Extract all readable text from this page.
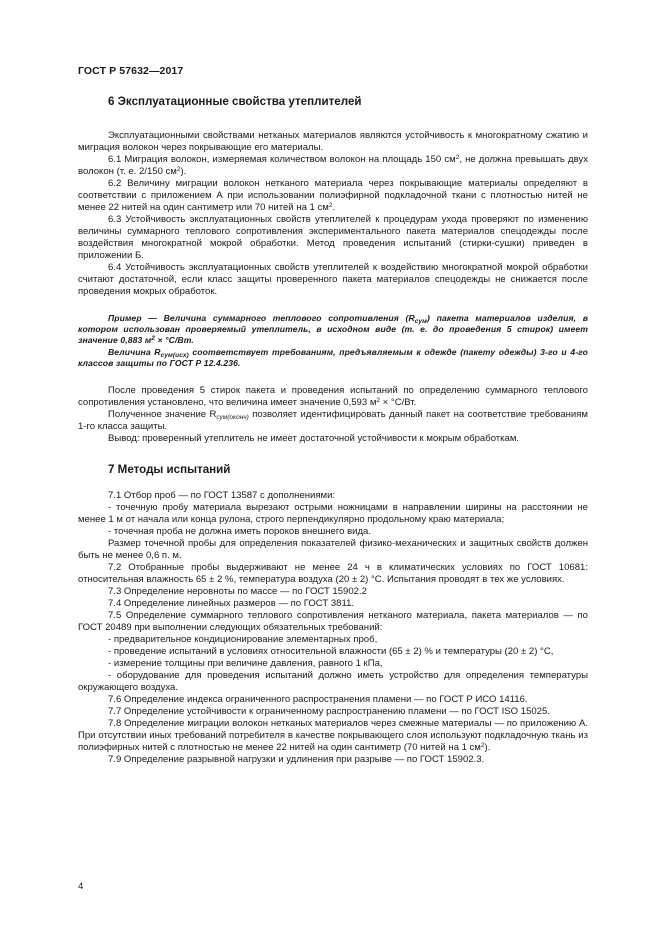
ГОСТ Р 57632—2017
6 Эксплуатационные свойства утеплителей

Эксплуатационными свойствами нетканых материалов являются устойчивость к многократному сжатию и миграция волокон через покрывающие его материалы.

6.1 Миграция волокон, измеряемая количеством волокон на площадь 150 $см^2$, не должна превышать двух волокон (т. е. 2/150 $см^2$).

6.2 Величину миграции волокон нетканого материала через покрывающие материалы определяют в соответствии с приложением А при использовании полиэфирной подкладочной ткани с плотностью нитей не менее 22 нитей на один сантиметр или 70 нитей на 1 $см^2$.

6.3 Устойчивость эксплуатационных свойств утеплителей к процедурам ухода проверяют по изменению величины суммарного теплового сопротивления экспериментального пакета материалов спецодежды после воздействия многократной мокрой обработки. Метод проведения испытаний (стирки-сушки) приведен в приложении Б.

6.4 Устойчивость эксплуатационных свойств утеплителей к воздействию многократной мокрой обработки считают достаточной, если класс защиты проверенного пакета материалов спецодежды не снижается после проведения мокрых обработок.

Пример — Величина суммарного теплового сопротивления $(R_{сум})$ пакета материалов изделия, в котором использован проверяемый утеплитель, в исходном виде (т. е. до проведения 5 стирок) имеет значение 0,883 $м^2 \times ^\circ С/Вт$.

Величина $R_{сум(исх)}$ соответствует требованиям, предъявляемым к одежде (пакету одежды) 3-го и 4-го классов защиты по ГОСТ Р 12.4.236.

После проведения 5 стирок пакета и проведения испытаний по определению суммарного теплового сопротивления установлено, что величина имеет значение 0,593 $м^2 \times ^\circ С/Вт$.

Полученное значение $R_{сум(оконч)}$ позволяет идентифицировать данный пакет на соответствие требованиям 1-го класса защиты.

Вывод: проверенный утеплитель не имеет достаточной устойчивости к мокрым обработкам.

7 Методы испытаний

7.1 Отбор проб — по ГОСТ 13587 с дополнениями:

- точечную пробу материала вырезают острыми ножницами в направлении ширины на расстоянии не менее 1 м от начала или конца рулона, строго перпендикулярно продольному краю материала;

- точечная проба не должна иметь пороков внешнего вида.

Размер точечной пробы для определения показателей физико-механических и защитных свойств должен быть не менее 0,6 п. м.

7.2 Отобранные пробы выдерживают не менее 24 ч в климатических условиях по ГОСТ 10681: относительная влажность 65 ± 2 %, температура воздуха (20 ± 2) °С. Испытания проводят в тех же условиях.

7.3 Определение неровноты по массе — по ГОСТ 15902.2

7.4 Определение линейных размеров — по ГОСТ 3811.

7.5 Определение суммарного теплового сопротивления нетканого материала, пакета материалов — по ГОСТ 20489 при выполнении следующих обязательных требований:

- предварительное кондиционирование элементарных проб,

- проведение испытаний в условиях относительной влажности (65 ± 2) % и температуры (20 ± 2) °С,

- измерение толщины при величине давления, равного 1 кПа,

- оборудование для проведения испытаний должно иметь устройство для определения температуры окружающего воздуха.

7.6 Определение индекса ограниченного распространения пламени — по ГОСТ Р ИСО 14116.

7.7 Определение устойчивости к ограниченному распространению пламени — по ГОСТ ISO 15025.

7.8 Определение миграции волокон нетканых материалов через смежные материалы — по приложению А. При отсутствии иных требований потребителя в качестве покрывающего слоя используют подкладочную ткань из полиэфирных нитей с плотностью не менее 22 нитей на один сантиметр (70 нитей на 1 $см^2$).

7.9 Определение разрывной нагрузки и удлинения при разрыве — по ГОСТ 15902.3.

4
